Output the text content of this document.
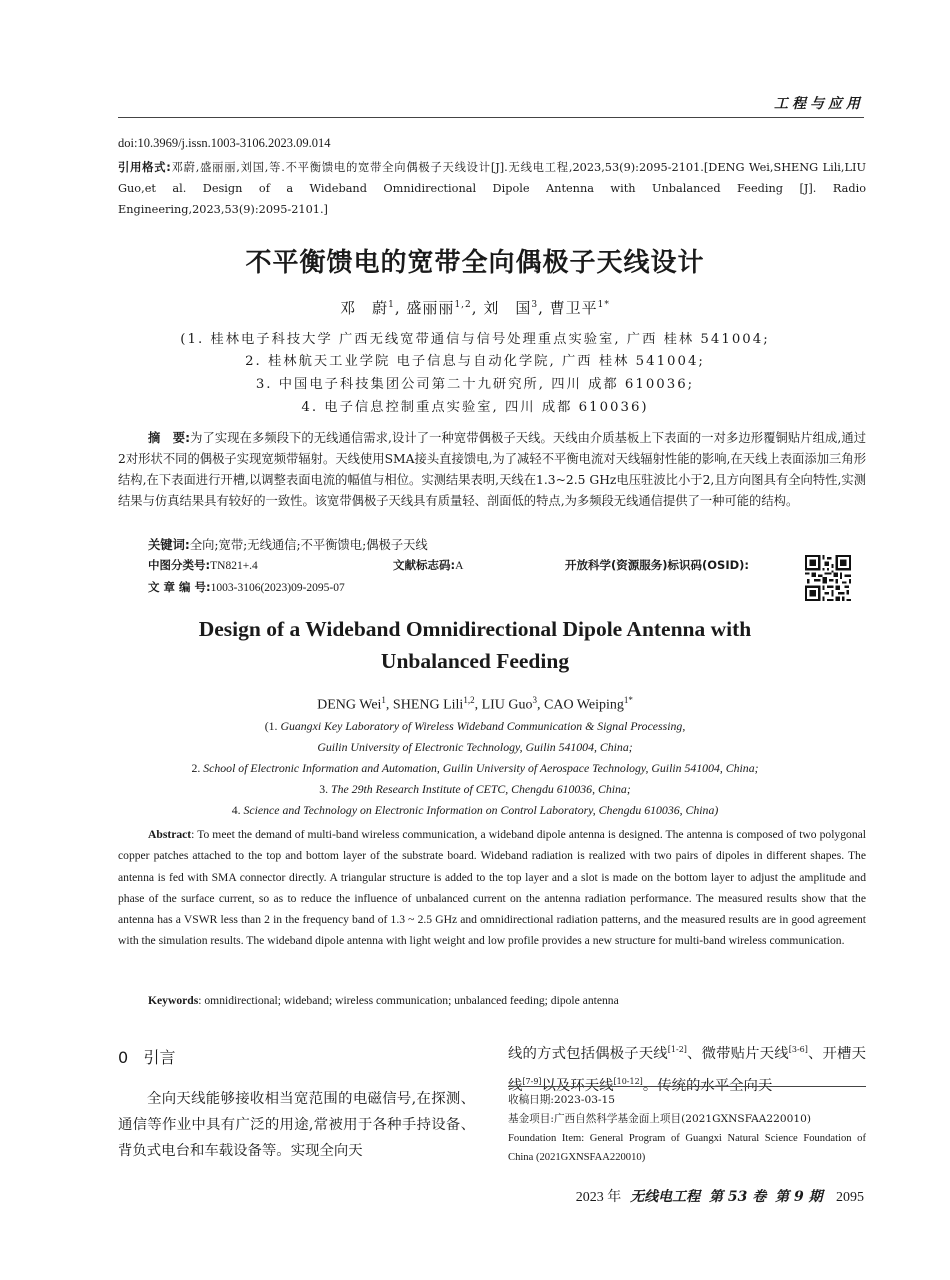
工程与应用
doi:10.3969/j.issn.1003-3106.2023.09.014
引用格式:邓蔚,盛丽丽,刘国,等.不平衡馈电的宽带全向偶极子天线设计[J].无线电工程,2023,53(9):2095-2101.[DENG Wei,SHENG Lili,LIU Guo,et al. Design of a Wideband Omnidirectional Dipole Antenna with Unbalanced Feeding [J]. Radio Engineering,2023,53(9):2095-2101.]
不平衡馈电的宽带全向偶极子天线设计
邓　蔚$^1$, 盛丽丽$^{1,2}$, 刘　国$^3$, 曹卫平$^{1*}$
(1. 桂林电子科技大学 广西无线宽带通信与信号处理重点实验室, 广西 桂林 541004;
2. 桂林航天工业学院 电子信息与自动化学院, 广西 桂林 541004;
3. 中国电子科技集团公司第二十九研究所, 四川 成都 610036;
4. 电子信息控制重点实验室, 四川 成都 610036)
摘　要:为了实现在多频段下的无线通信需求,设计了一种宽带偶极子天线。天线由介质基板上下表面的一对多边形覆铜贴片组成,通过2对形状不同的偶极子实现宽频带辐射。天线使用SMA接头直接馈电,为了减轻不平衡电流对天线辐射性能的影响,在天线上表面添加三角形结构,在下表面进行开槽,以调整表面电流的幅值与相位。实测结果表明,天线在1.3~2.5 GHz电压驻波比小于2,且方向图具有全向特性,实测结果与仿真结果具有较好的一致性。该宽带偶极子天线具有质量轻、剖面低的特点,为多频段无线通信提供了一种可能的结构。
关键词:全向;宽带;无线通信;不平衡馈电;偶极子天线
中图分类号:TN821+.4	文献标志码:A	开放科学(资源服务)标识码(OSID):
文 章 编 号:1003-3106(2023)09-2095-07
Design of a Wideband Omnidirectional Dipole Antenna with
Unbalanced Feeding
DENG Wei$^1$, SHENG Lili$^{1,2}$, LIU Guo$^3$, CAO Weiping$^{1*}$
(1. Guangxi Key Laboratory of Wireless Wideband Communication & Signal Processing,
Guilin University of Electronic Technology, Guilin 541004, China;
2. School of Electronic Information and Automation, Guilin University of Aerospace Technology, Guilin 541004, China;
3. The 29th Research Institute of CETC, Chengdu 610036, China;
4. Science and Technology on Electronic Information on Control Laboratory, Chengdu 610036, China)
Abstract: To meet the demand of multi-band wireless communication, a wideband dipole antenna is designed. The antenna is composed of two polygonal copper patches attached to the top and bottom layer of the substrate board. Wideband radiation is realized with two pairs of dipoles in different shapes. The antenna is fed with SMA connector directly. A triangular structure is added to the top layer and a slot is made on the bottom layer to adjust the amplitude and phase of the surface current, so as to reduce the influence of unbalanced current on the antenna radiation performance. The measured results show that the antenna has a VSWR less than 2 in the frequency band of 1.3 ~ 2.5 GHz and omnidirectional radiation patterns, and the measured results are in good agreement with the simulation results. The wideband dipole antenna with light weight and low profile provides a new structure for multi-band wireless communication.
Keywords: omnidirectional; wideband; wireless communication; unbalanced feeding; dipole antenna
0 引言
全向天线能够接收相当宽范围的电磁信号,在探测、通信等作业中具有广泛的用途,常被用于各种手持设备、背负式电台和车载设备等。实现全向天
线的方式包括偶极子天线[1-2]、微带贴片天线[3-6]、开槽天线[7-9]以及环天线[10-12]。传统的水平全向天
收稿日期:2023-03-15
基金项目:广西自然科学基金面上项目(2021GXNSFAA220010)
Foundation Item: General Program of Guangxi Natural Science Foundation of China (2021GXNSFAA220010)
2023 年 无线电工程 第 53 卷 第 9 期 2095
